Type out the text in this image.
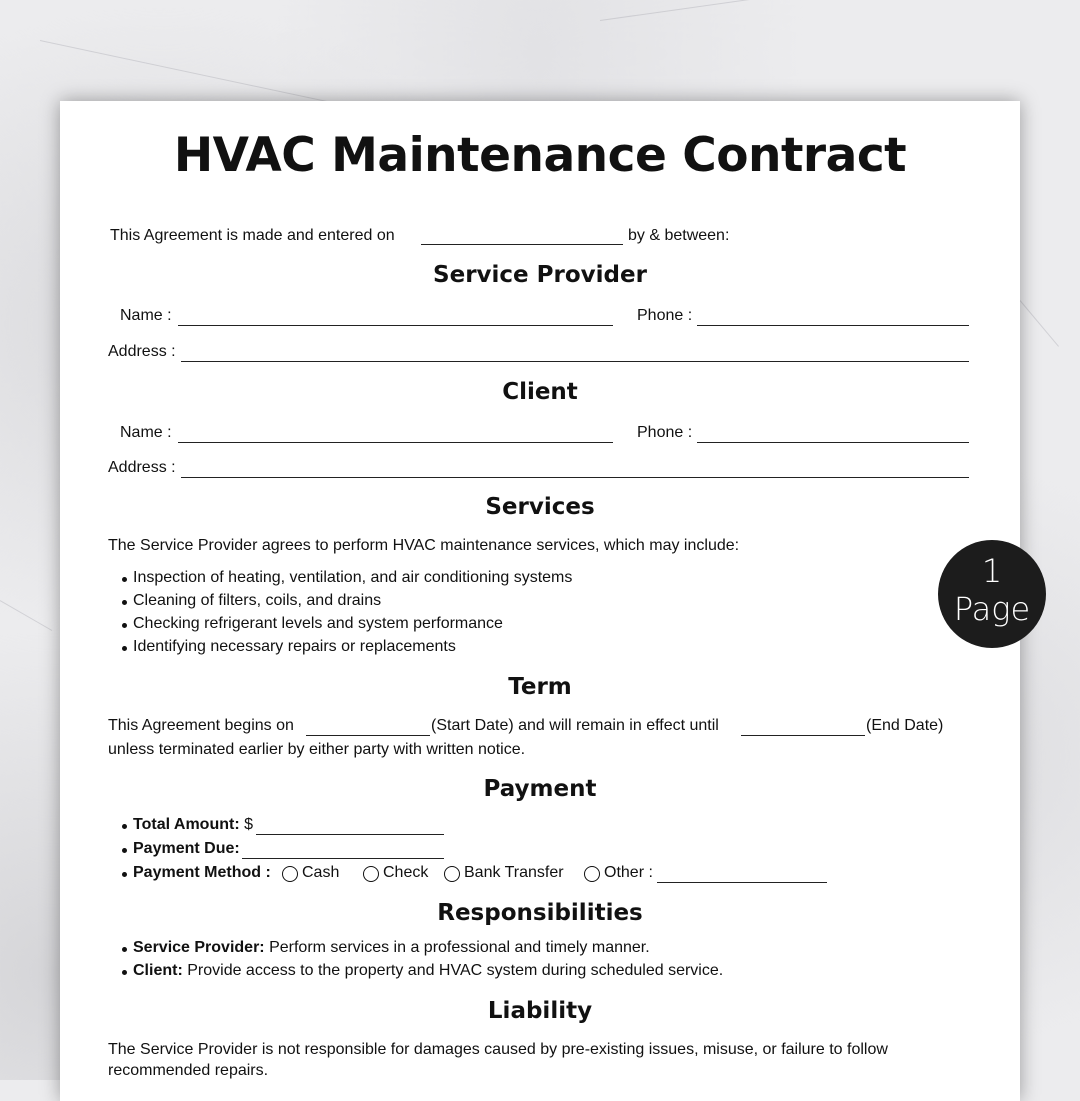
HVAC Maintenance Contract
This Agreement is made and entered on	by & between:
Service Provider
Name :	Phone :
Address :
Client
Name :	Phone :
Address :
Services
The Service Provider agrees to perform HVAC maintenance services, which may include:
Inspection of heating, ventilation, and air conditioning systems
Cleaning of filters, coils, and drains
Checking refrigerant levels and system performance
Identifying necessary repairs or replacements
Term
This Agreement begins on	(Start Date) and will remain in effect until	(End Date)
unless terminated earlier by either party with written notice.
Payment
Total Amount: $
Payment Due:
Payment Method : Cash	Check Bank Transfer	Other :
Responsibilities
Service Provider: Perform services in a professional and timely manner.
Client: Provide access to the property and HVAC system during scheduled service.
Liability
The Service Provider is not responsible for damages caused by pre-existing issues, misuse, or failure to follow
recommended repairs.
1
Page
